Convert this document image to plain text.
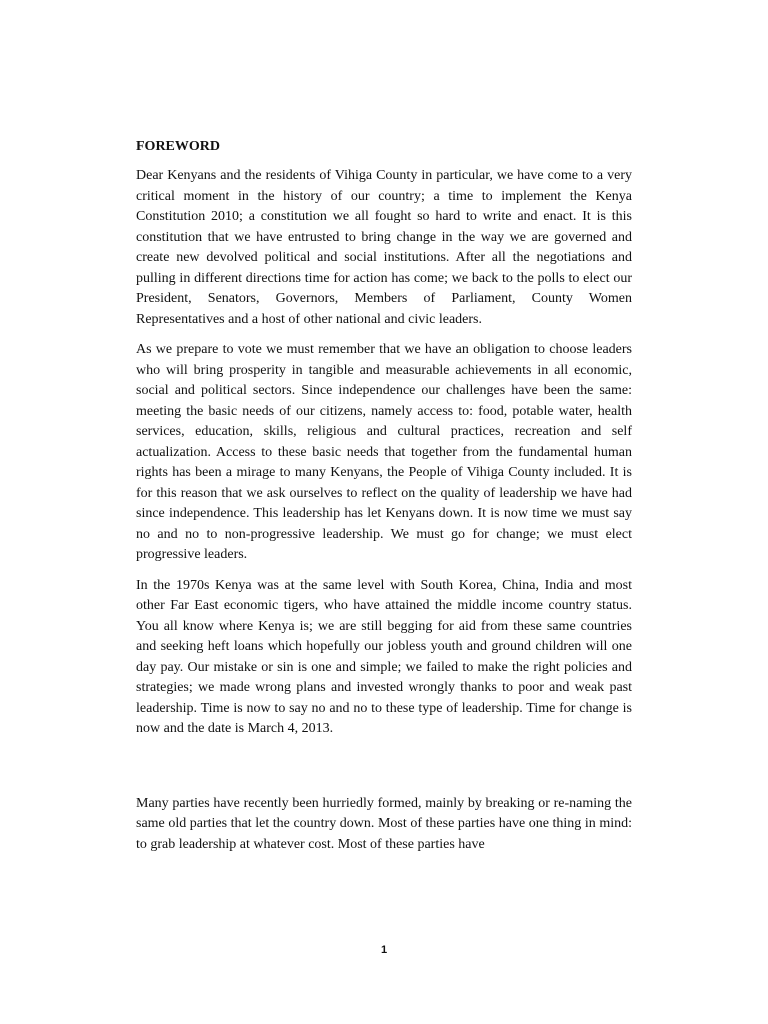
FOREWORD

Dear Kenyans and the residents of Vihiga County in particular, we have come to a very critical moment in the history of our country; a time to implement the Kenya Constitution 2010; a constitution we all fought so hard to write and enact. It is this constitution that we have entrusted to bring change in the way we are governed and create new devolved political and social institutions. After all the negotiations and pulling in different directions time for action has come; we back to the polls to elect our President, Senators, Governors, Members of Parliament, County Women Representatives and a host of other national and civic leaders.

As we prepare to vote we must remember that we have an obligation to choose leaders who will bring prosperity in tangible and measurable achievements in all economic, social and political sectors. Since independence our challenges have been the same: meeting the basic needs of our citizens, namely access to: food, potable water, health services, education, skills, religious and cultural practices, recreation and self actualization. Access to these basic needs that together from the fundamental human rights has been a mirage to many Kenyans, the People of Vihiga County included. It is for this reason that we ask ourselves to reflect on the quality of leadership we have had since independence. This leadership has let Kenyans down. It is now time we must say no and no to non-progressive leadership. We must go for change; we must elect progressive leaders.

In the 1970s Kenya was at the same level with South Korea, China, India and most other Far East economic tigers, who have attained the middle income country status. You all know where Kenya is; we are still begging for aid from these same countries and seeking heft loans which hopefully our jobless youth and ground children will one day pay. Our mistake or sin is one and simple; we failed to make the right policies and strategies; we made wrong plans and invested wrongly thanks to poor and weak past leadership. Time is now to say no and no to these type of leadership. Time for change is now and the date is March 4, 2013.

Many parties have recently been hurriedly formed, mainly by breaking or re-naming the same old parties that let the country down. Most of these parties have one thing in mind: to grab leadership at whatever cost. Most of these parties have

1
